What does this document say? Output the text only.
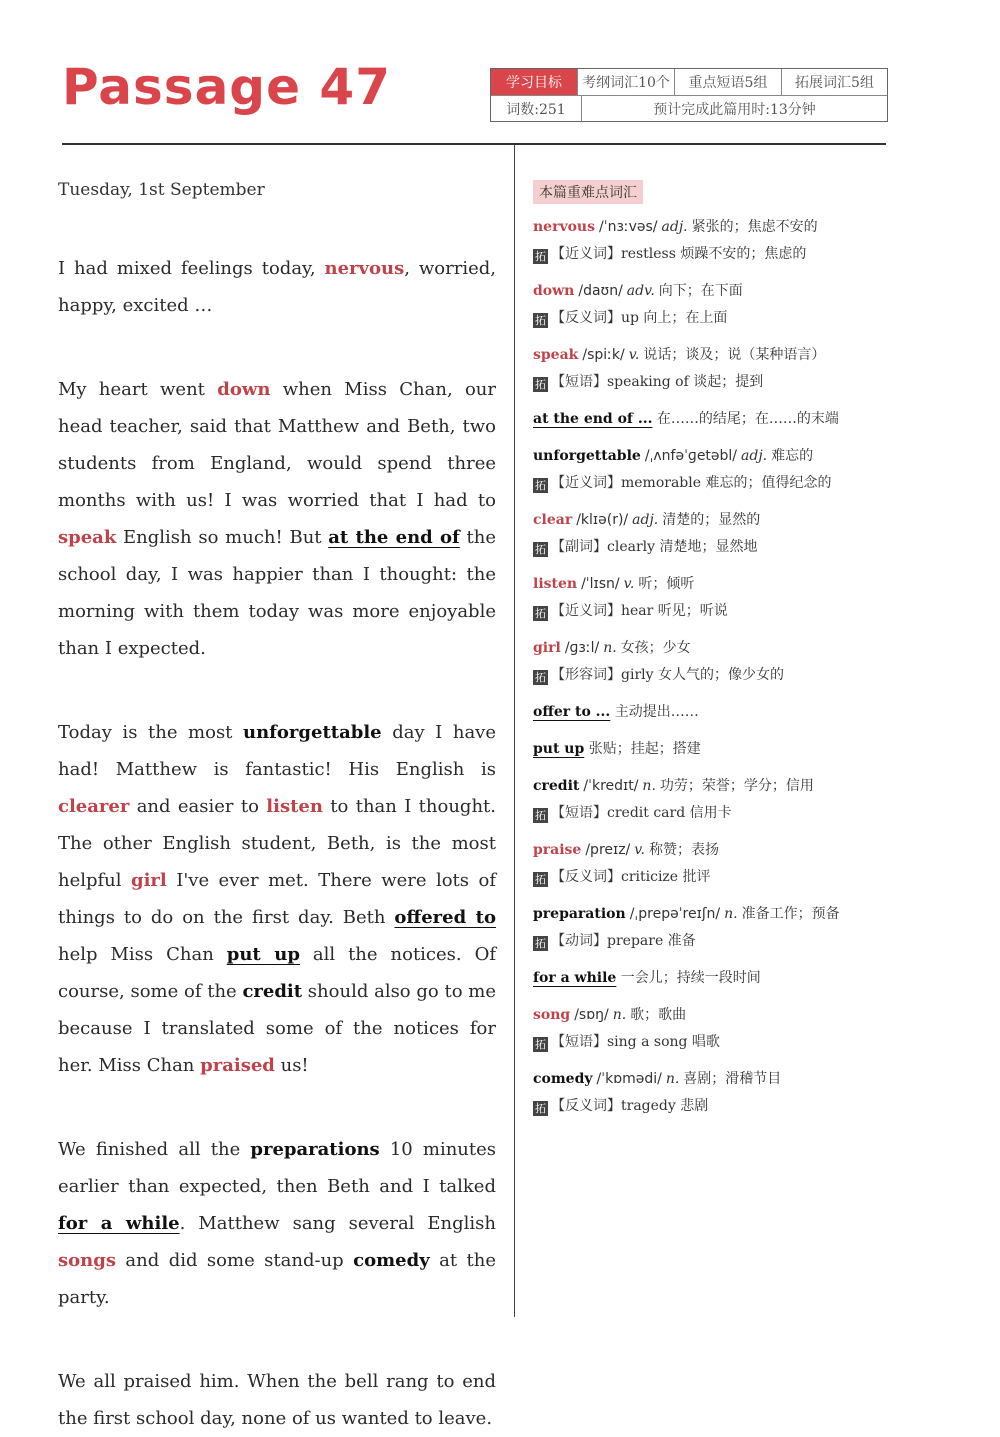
Passage 47	学习目标	考纲词汇10个	重点短语5组	拓展词汇5组
词数:251	预计完成此篇用时:13分钟
Tuesday, 1st September
I had mixed feelings today, nervous, worried, happy, excited …
My heart went down when Miss Chan, our head teacher, said that Matthew and Beth, two students from England, would spend three months with us! I was worried that I had to speak English so much! But at the end of the school day, I was happier than I thought: the morning with them today was more enjoyable than I expected.
Today is the most unforgettable day I have had! Matthew is fantastic! His English is clearer and easier to listen to than I thought. The other English student, Beth, is the most helpful girl I've ever met. There were lots of things to do on the first day. Beth offered to help Miss Chan put up all the notices. Of course, some of the credit should also go to me because I translated some of the notices for her. Miss Chan praised us!
We finished all the preparations 10 minutes earlier than expected, then Beth and I talked for a while. Matthew sang several English songs and did some stand-up comedy at the party.
We all praised him. When the bell rang to end the first school day, none of us wanted to leave.
本篇重难点词汇
nervous /ˈnɜːvəs/ adj. 紧张的；焦虑不安的
拓 【近义词】restless 烦躁不安的；焦虑的
down /daʊn/ adv. 向下；在下面
拓 【反义词】up 向上；在上面
speak /spiːk/ v. 说话；谈及；说（某种语言）
拓 【短语】speaking of 谈起；提到
at the end of ... 在……的结尾；在……的末端
unforgettable /ˌʌnfəˈɡetəbl/ adj. 难忘的
拓 【近义词】memorable 难忘的；值得纪念的
clear /klɪə(r)/ adj. 清楚的；显然的
拓 【副词】clearly 清楚地；显然地
listen /ˈlɪsn/ v. 听；倾听
拓 【近义词】hear 听见；听说
girl /ɡɜːl/ n. 女孩；少女
拓 【形容词】girly 女人气的；像少女的
offer to ... 主动提出……
put up 张贴；挂起；搭建
credit /ˈkredɪt/ n. 功劳；荣誉；学分；信用
拓 【短语】credit card 信用卡
praise /preɪz/ v. 称赞；表扬
拓 【反义词】criticize 批评
preparation /ˌprepəˈreɪʃn/ n. 准备工作；预备
拓 【动词】prepare 准备
for a while 一会儿；持续一段时间
song /sɒŋ/ n. 歌；歌曲
拓 【短语】sing a song 唱歌
comedy /ˈkɒmədi/ n. 喜剧；滑稽节目
拓 【反义词】tragedy 悲剧
